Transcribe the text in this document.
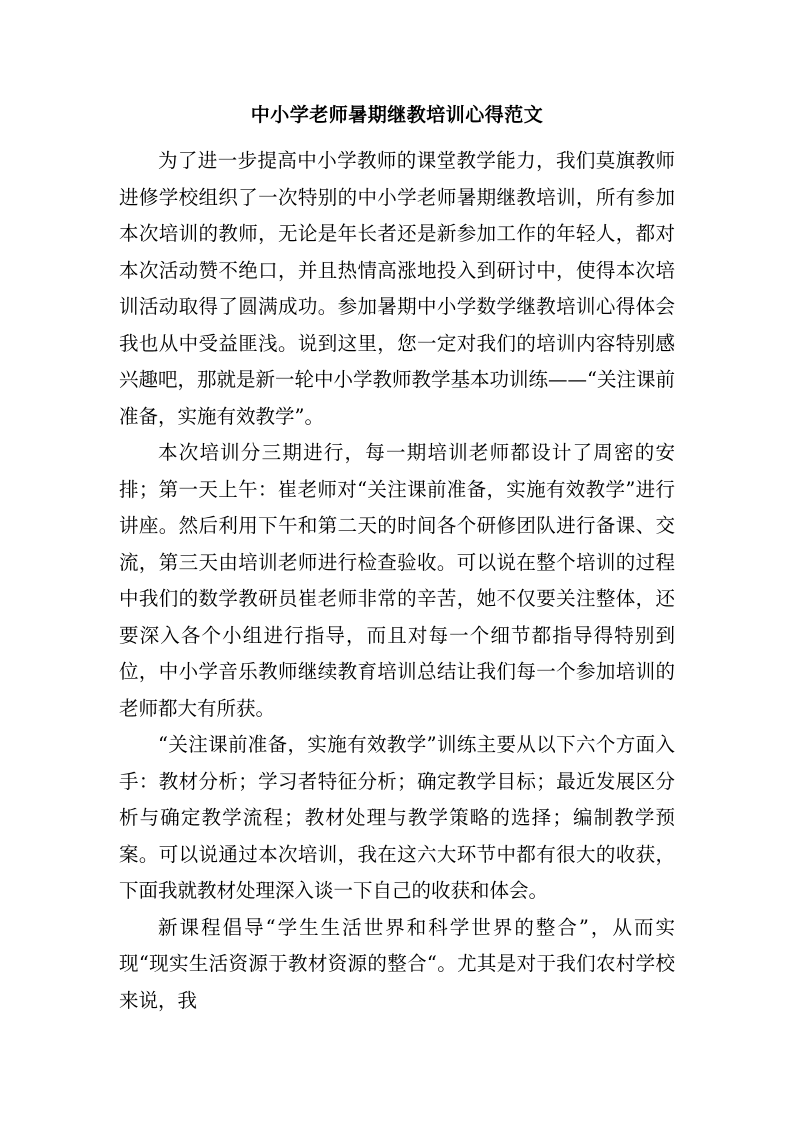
中小学老师暑期继教培训心得范文

为了进一步提高中小学教师的课堂教学能力，我们莫旗教师进修学校组织了一次特别的中小学老师暑期继教培训，所有参加本次培训的教师，无论是年长者还是新参加工作的年轻人，都对本次活动赞不绝口，并且热情高涨地投入到研讨中，使得本次培训活动取得了圆满成功。参加暑期中小学数学继教培训心得体会我也从中受益匪浅。说到这里，您一定对我们的培训内容特别感兴趣吧，那就是新一轮中小学教师教学基本功训练——“关注课前准备，实施有效教学”。

本次培训分三期进行，每一期培训老师都设计了周密的安排；第一天上午：崔老师对“关注课前准备，实施有效教学”进行讲座。然后利用下午和第二天的时间各个研修团队进行备课、交流，第三天由培训老师进行检查验收。可以说在整个培训的过程中我们的数学教研员崔老师非常的辛苦，她不仅要关注整体，还要深入各个小组进行指导，而且对每一个细节都指导得特别到位，中小学音乐教师继续教育培训总结让我们每一个参加培训的老师都大有所获。

“关注课前准备，实施有效教学”训练主要从以下六个方面入手：教材分析；学习者特征分析；确定教学目标；最近发展区分析与确定教学流程；教材处理与教学策略的选择；编制教学预案。可以说通过本次培训，我在这六大环节中都有很大的收获，下面我就教材处理深入谈一下自己的收获和体会。

新课程倡导“学生生活世界和科学世界的整合”，从而实现“现实生活资源于教材资源的整合“。尤其是对于我们农村学校来说，我
